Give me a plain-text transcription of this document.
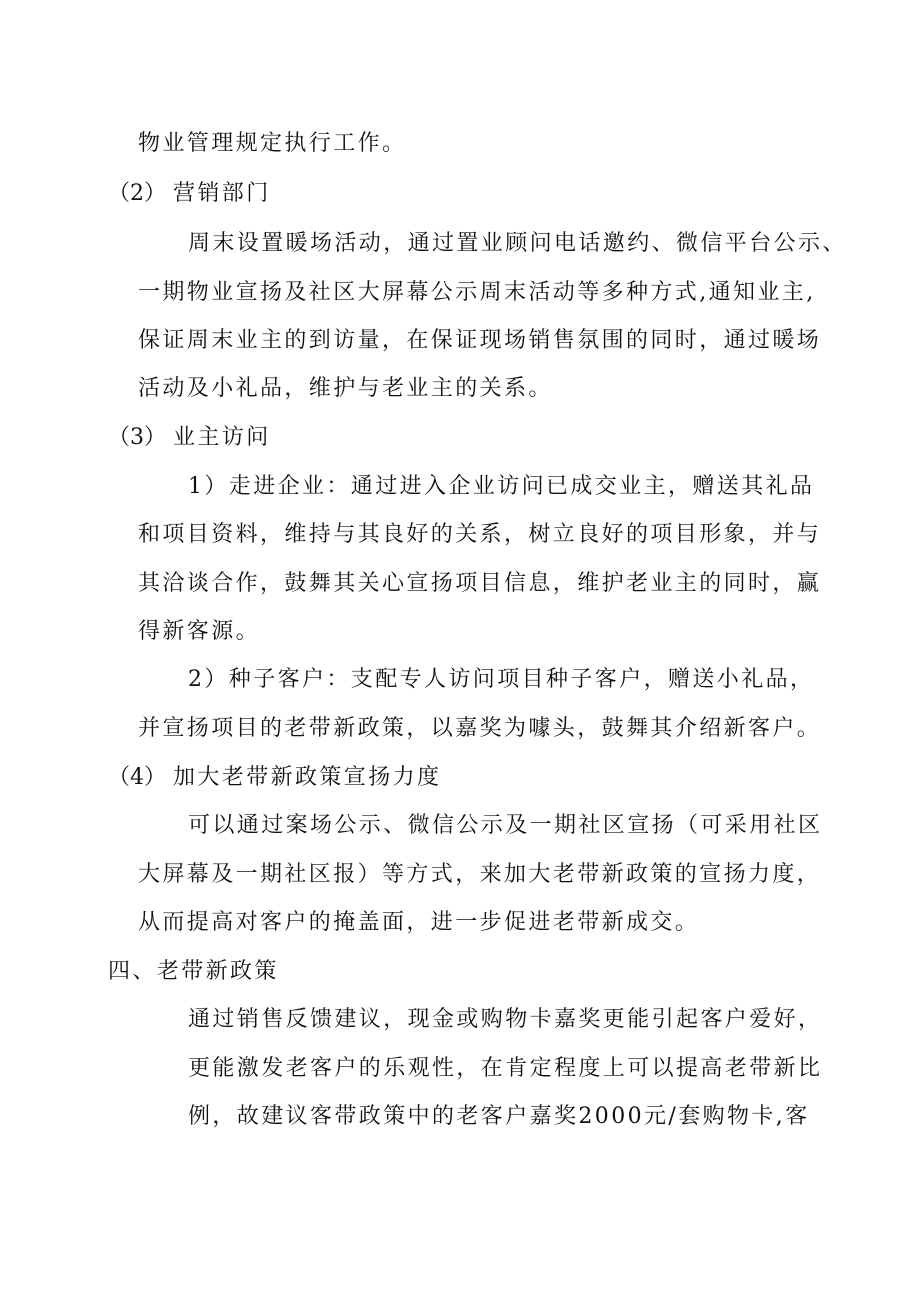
物业管理规定执行工作。
（2） 营销部门
周末设置暖场活动，通过置业顾问电话邀约、微信平台公示、
一期物业宣扬及社区大屏幕公示周末活动等多种方式,通知业主,
保证周末业主的到访量，在保证现场销售氛围的同时，通过暖场
活动及小礼品，维护与老业主的关系。
（3） 业主访问
1）走进企业：通过进入企业访问已成交业主，赠送其礼品
和项目资料，维持与其良好的关系，树立良好的项目形象，并与
其洽谈合作，鼓舞其关心宣扬项目信息，维护老业主的同时，赢
得新客源。
2）种子客户：支配专人访问项目种子客户，赠送小礼品，
并宣扬项目的老带新政策，以嘉奖为噱头，鼓舞其介绍新客户。
（4） 加大老带新政策宣扬力度
可以通过案场公示、微信公示及一期社区宣扬（可采用社区
大屏幕及一期社区报）等方式，来加大老带新政策的宣扬力度，
从而提高对客户的掩盖面，进一步促进老带新成交。
四、老带新政策
通过销售反馈建议，现金或购物卡嘉奖更能引起客户爱好，
更能激发老客户的乐观性，在肯定程度上可以提高老带新比
例，故建议客带政策中的老客户嘉奖2000元/套购物卡,客
